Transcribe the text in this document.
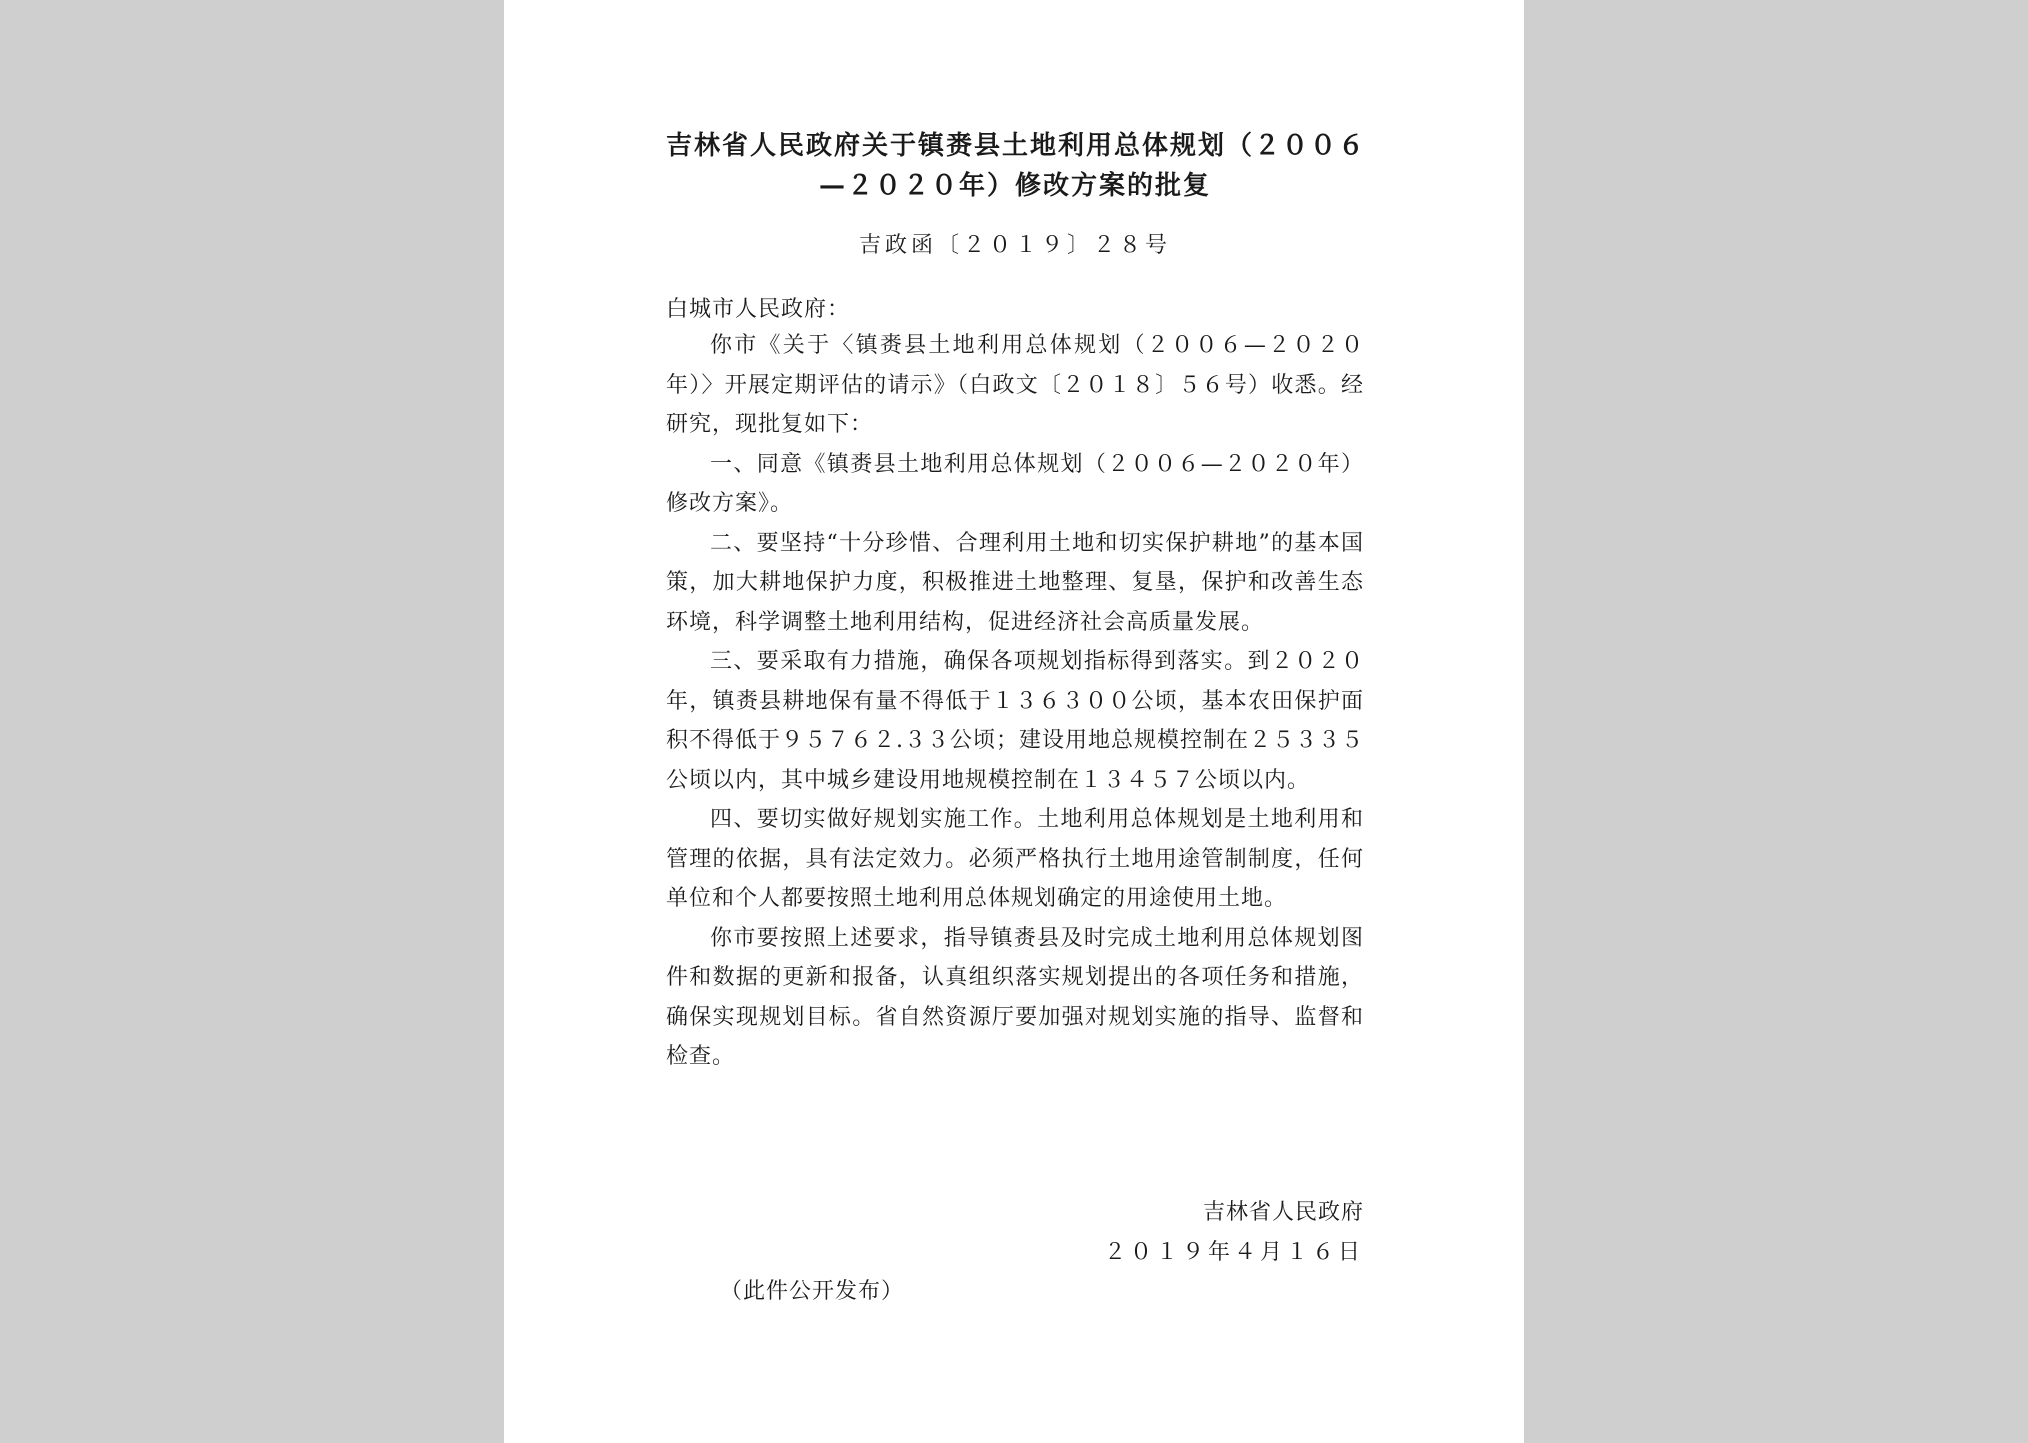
吉林省人民政府关于镇赉县土地利用总体规划（２００６
—２０２０年）修改方案的批复
吉政函〔２０１９〕２８号
白城市人民政府：

你市《关于〈镇赉县土地利用总体规划（２００６—２０２０年）〉开展定期评估的请示》（白政文〔２０１８〕５６号）收悉。经研究，现批复如下：

一、同意《镇赉县土地利用总体规划（２００６—２０２０年）修改方案》。

二、要坚持“十分珍惜、合理利用土地和切实保护耕地”的基本国策，加大耕地保护力度，积极推进土地整理、复垦，保护和改善生态环境，科学调整土地利用结构，促进经济社会高质量发展。

三、要采取有力措施，确保各项规划指标得到落实。到２０２０年，镇赉县耕地保有量不得低于１３６３００公顷，基本农田保护面积不得低于９５７６２.３３公顷；建设用地总规模控制在２５３３５公顷以内，其中城乡建设用地规模控制在１３４５７公顷以内。

四、要切实做好规划实施工作。土地利用总体规划是土地利用和管理的依据，具有法定效力。必须严格执行土地用途管制制度，任何单位和个人都要按照土地利用总体规划确定的用途使用土地。

你市要按照上述要求，指导镇赉县及时完成土地利用总体规划图件和数据的更新和报备，认真组织落实规划提出的各项任务和措施，确保实现规划目标。省自然资源厅要加强对规划实施的指导、监督和检查。

吉林省人民政府
２０１９年４月１６日
（此件公开发布）
